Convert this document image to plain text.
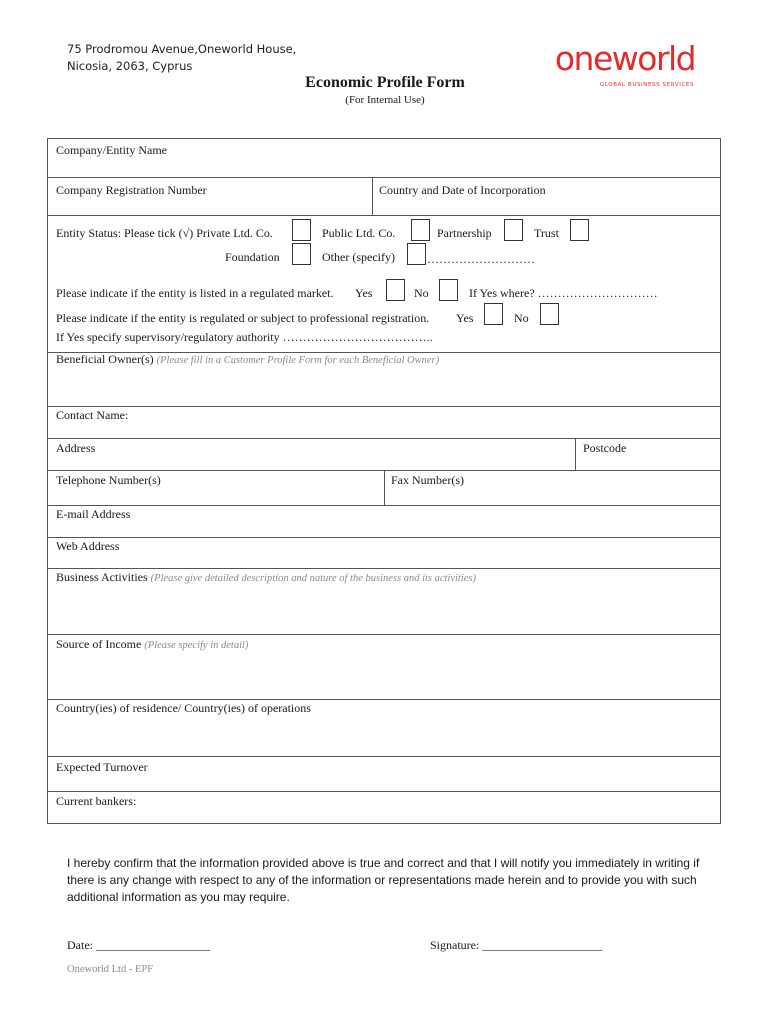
75 Prodromou Avenue,Oneworld House,
Nicosia, 2063, Cyprus	oneworld
GLOBAL BUSINESS SERVICES
Economic Profile Form
(For Internal Use)
Company/Entity Name
Company Registration Number	Country and Date of Incorporation
Entity Status: Please tick (√) Private Ltd. Co.	Public Ltd. Co.	Partnership	Trust
Foundation	Other (specify)	………………………
Please indicate if the entity is listed in a regulated market. Yes	No	If Yes where? …………………………
Please indicate if the entity is regulated or subject to professional registration. Yes	No
If Yes specify supervisory/regulatory authority ………………………………..
Beneficial Owner(s) (Please fill in a Customer Profile Form for each Beneficial Owner)
Contact Name:
Address	Postcode
Telephone Number(s)	Fax Number(s)
E-mail Address
Web Address
Business Activities (Please give detailed description and nature of the business and its activities)
Source of Income (Please specify in detail)
Country(ies) of residence/ Country(ies) of operations
Expected Turnover
Current bankers:
I hereby confirm that the information provided above is true and correct and that I will notify you immediately in writing if there is any change with respect to any of the information or representations made herein and to provide you with such additional information as you may require.
Date: ___________________	Signature: ____________________
Oneworld Ltd - EPF
